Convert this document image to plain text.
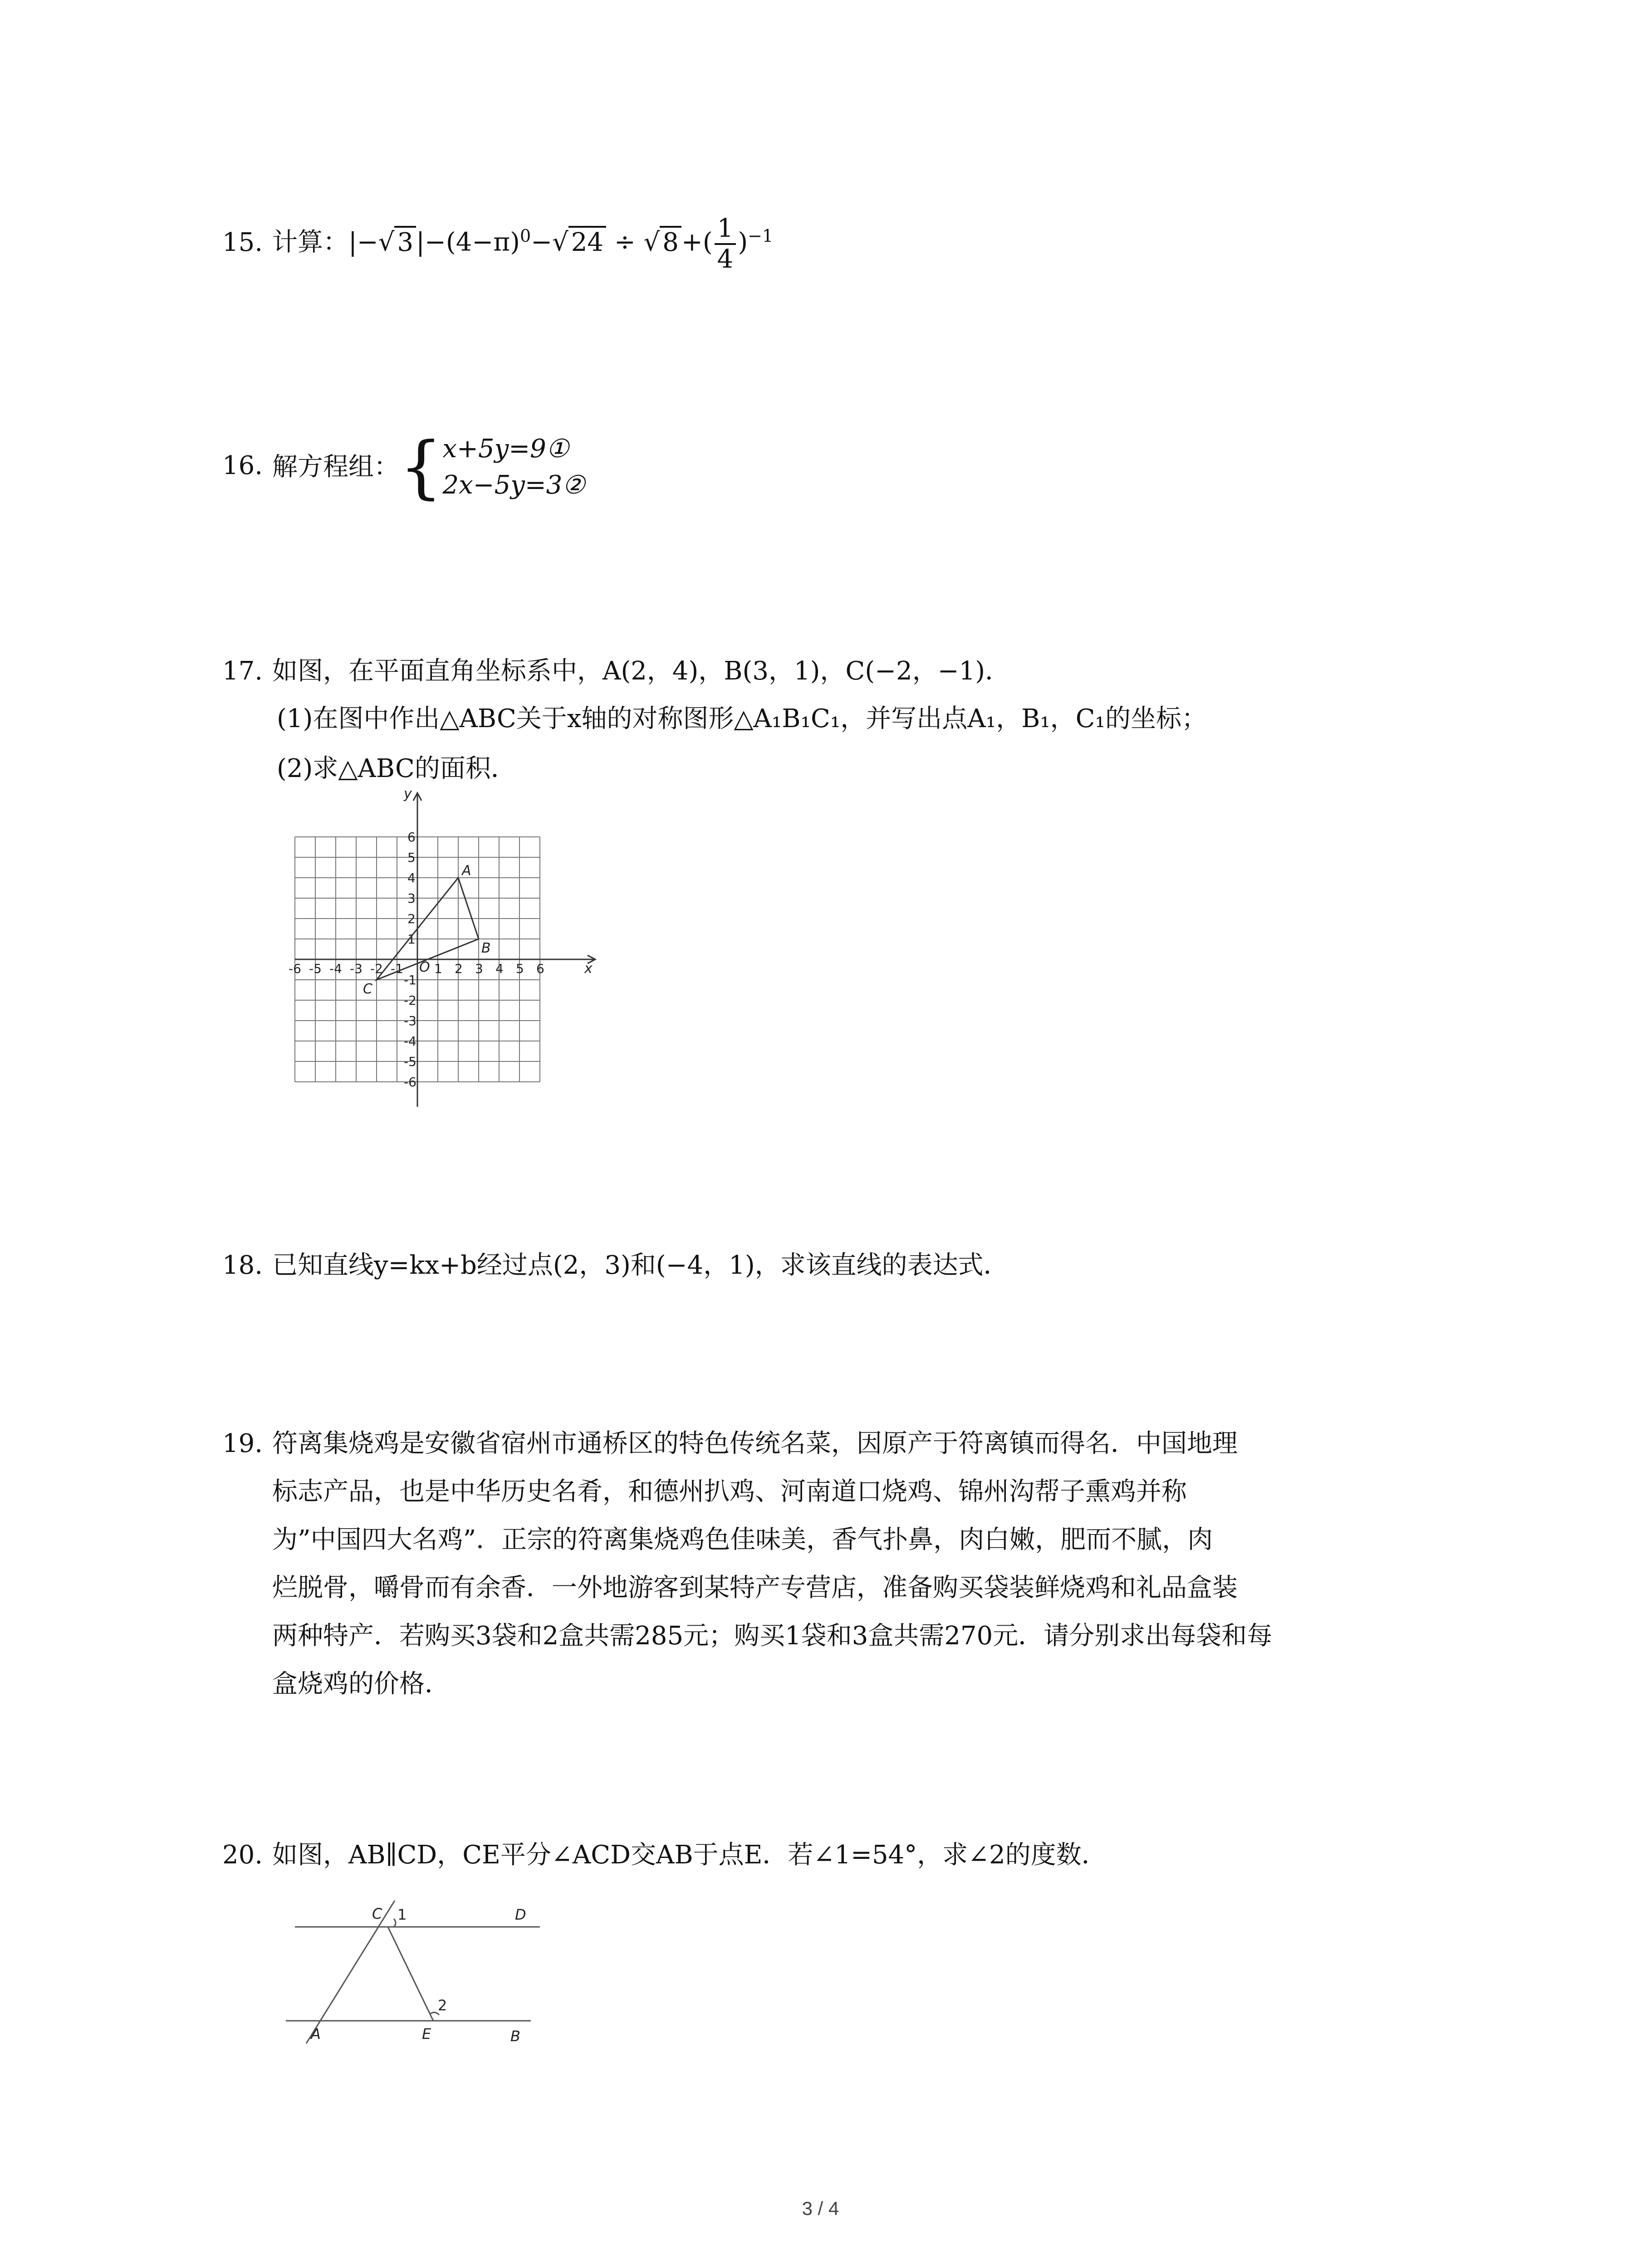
15. 计算：|−√ 3 $|-(4-\pi)^0-√$ 24 ÷ √ 8 +( $\frac{1}{4} )^{-1}$
16. 解方程组：{ x+5y=9①
2x−5y=3②
17. 如图，在平面直角坐标系中，A(2，4)，B(3，1)，C(−2，−1)．
(1)在图中作出△ABC关于x轴的对称图形△A₁B₁C₁，并写出点A₁，B₁，C₁的坐标；
(2)求△ABC的面积．
-6
-6
-5
-5
-4
-4
-3
-3
-2
-2
-1
-1
1
1
2
2
3
3
4
4
5
5
6
6
x
y
O
A
B
C
18. 已知直线y=kx+b经过点(2，3)和(−4，1)，求该直线的表达式．
19. 符离集烧鸡是安徽省宿州市通桥区的特色传统名菜，因原产于符离镇而得名．中国地理
标志产品，也是中华历史名肴，和德州扒鸡、河南道口烧鸡、锦州沟帮子熏鸡并称
为”中国四大名鸡”．正宗的符离集烧鸡色佳味美，香气扑鼻，肉白嫩，肥而不腻，肉
烂脱骨，嚼骨而有余香．一外地游客到某特产专营店，准备购买袋装鲜烧鸡和礼品盒装
两种特产．若购买3袋和2盒共需285元；购买1袋和3盒共需270元．请分别求出每袋和每
盒烧鸡的价格．
20. 如图，AB∥CD，CE平分∠ACD交AB于点E．若∠1=54°，求∠2的度数．
C 1	D
2
A	E	B
3 / 4
